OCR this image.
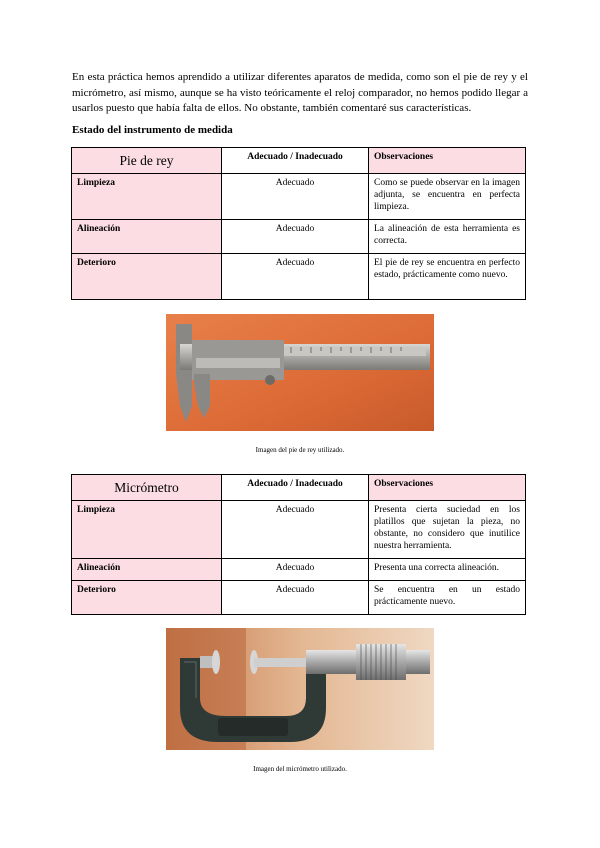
En esta práctica hemos aprendido a utilizar diferentes aparatos de medida, como son el pie de rey y el micrómetro, así mismo, aunque se ha visto teóricamente el reloj comparador, no hemos podido llegar a usarlos puesto que había falta de ellos. No obstante, también comentaré sus características.
Estado del instrumento de medida
Pie de rey	Adecuado / Inadecuado	Observaciones
Limpieza	Adecuado	Como se puede observar en la imagen adjunta, se encuentra en perfecta limpieza.
Alineación	Adecuado	La alineación de esta herramienta es correcta.
Deterioro	Adecuado	El pie de rey se encuentra en perfecto estado, prácticamente como nuevo.
Imagen del pie de rey utilizado.
Micrómetro	Adecuado / Inadecuado	Observaciones
Limpieza	Adecuado	Presenta cierta suciedad en los platillos que sujetan la pieza, no obstante, no considero que inutilice nuestra herramienta.
Alineación	Adecuado	Presenta una correcta alineación.
Deterioro	Adecuado	Se encuentra en un estado prácticamente nuevo.
Imagen del micrómetro utilizado.
